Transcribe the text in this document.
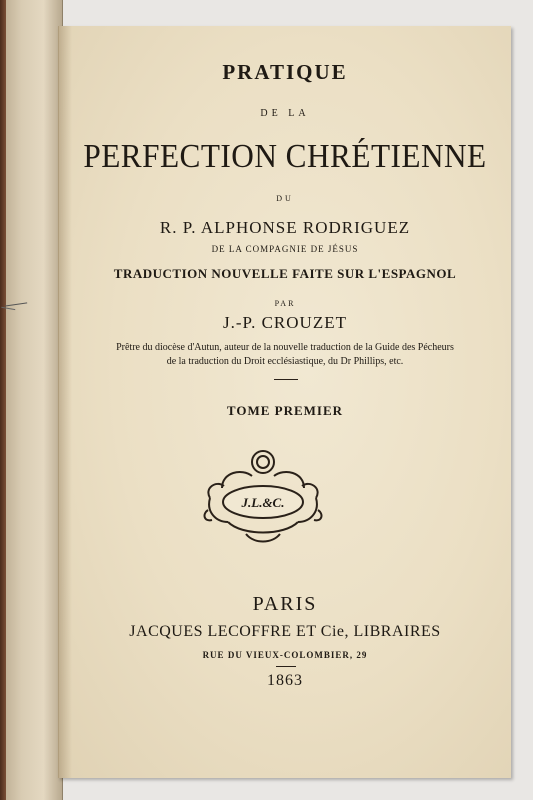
PRATIQUE
DE LA
PERFECTION CHRÉTIENNE
DU
R. P. ALPHONSE RODRIGUEZ
DE LA COMPAGNIE DE JÉSUS
TRADUCTION NOUVELLE FAITE SUR L'ESPAGNOL
PAR
J.-P. CROUZET
Prêtre du diocèse d'Autun, auteur de la nouvelle traduction de la Guide des Pécheurs
de la traduction du Droit ecclésiastique, du Dr Phillips, etc.
TOME PREMIER
J.L.&C.
PARIS
JACQUES LECOFFRE ET Cie, LIBRAIRES
RUE DU VIEUX-COLOMBIER, 29
1863
